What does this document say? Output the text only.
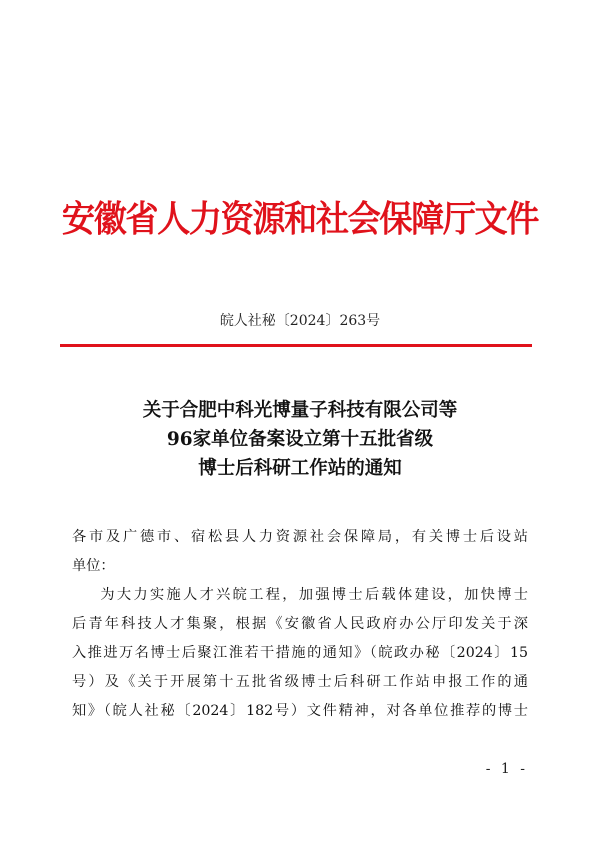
安徽省人力资源和社会保障厅文件
皖人社秘〔2024〕263号
关于合肥中科光博量子科技有限公司等
96家单位备案设立第十五批省级
博士后科研工作站的通知

各市及广德市、宿松县人力资源社会保障局，有关博士后设站
单位：

为大力实施人才兴皖工程，加强博士后载体建设，加快博士
后青年科技人才集聚，根据《安徽省人民政府办公厅印发关于深
入推进万名博士后聚江淮若干措施的通知》（皖政办秘〔2024〕15
号）及《关于开展第十五批省级博士后科研工作站申报工作的通
知》（皖人社秘〔2024〕182号）文件精神，对各单位推荐的博士

- 1 -
